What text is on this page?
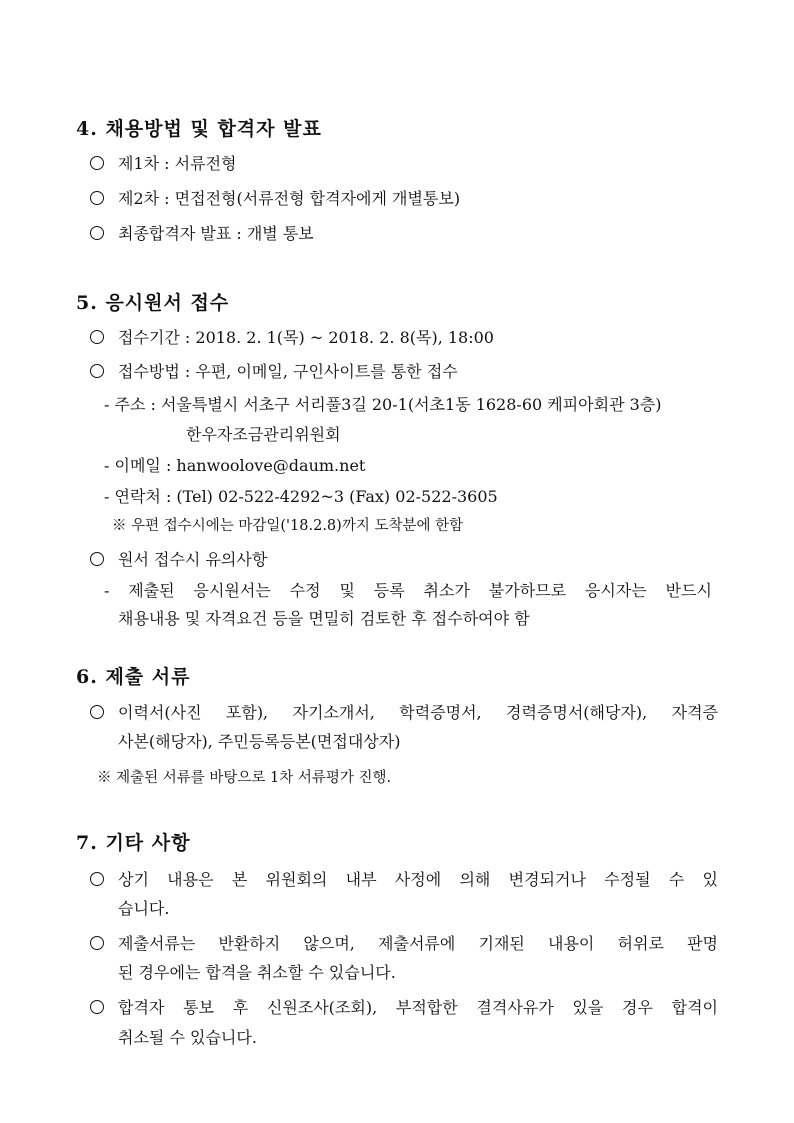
4. 채용방법 및 합격자 발표
제1차 : 서류전형
제2차 : 면접전형(서류전형 합격자에게 개별통보)
최종합격자 발표 : 개별 통보
5. 응시원서 접수
접수기간 : 2018. 2. 1(목) ~ 2018. 2. 8(목), 18:00
접수방법 : 우편, 이메일, 구인사이트를 통한 접수
- 주소 : 서울특별시 서초구 서리풀3길 20-1(서초1동 1628-60 케피아회관 3층)
한우자조금관리위원회
- 이메일 : hanwoolove@daum.net
- 연락처 : (Tel) 02-522-4292~3 (Fax) 02-522-3605
※ 우편 접수시에는 마감일('18.2.8)까지 도착분에 한함
원서 접수시 유의사항
- 제출된 응시원서는 수정 및 등록 취소가 불가하므로 응시자는 반드시
채용내용 및 자격요건 등을 면밀히 검토한 후 접수하여야 함
6. 제출 서류
이력서(사진 포함), 자기소개서, 학력증명서, 경력증명서(해당자), 자격증
사본(해당자), 주민등록등본(면접대상자)
※ 제출된 서류를 바탕으로 1차 서류평가 진행.
7. 기타 사항
상기 내용은 본 위원회의 내부 사정에 의해 변경되거나 수정될 수 있
습니다.
제출서류는 반환하지 않으며, 제출서류에 기재된 내용이 허위로 판명
된 경우에는 합격을 취소할 수 있습니다.
합격자 통보 후 신원조사(조회), 부적합한 결격사유가 있을 경우 합격이
취소될 수 있습니다.
